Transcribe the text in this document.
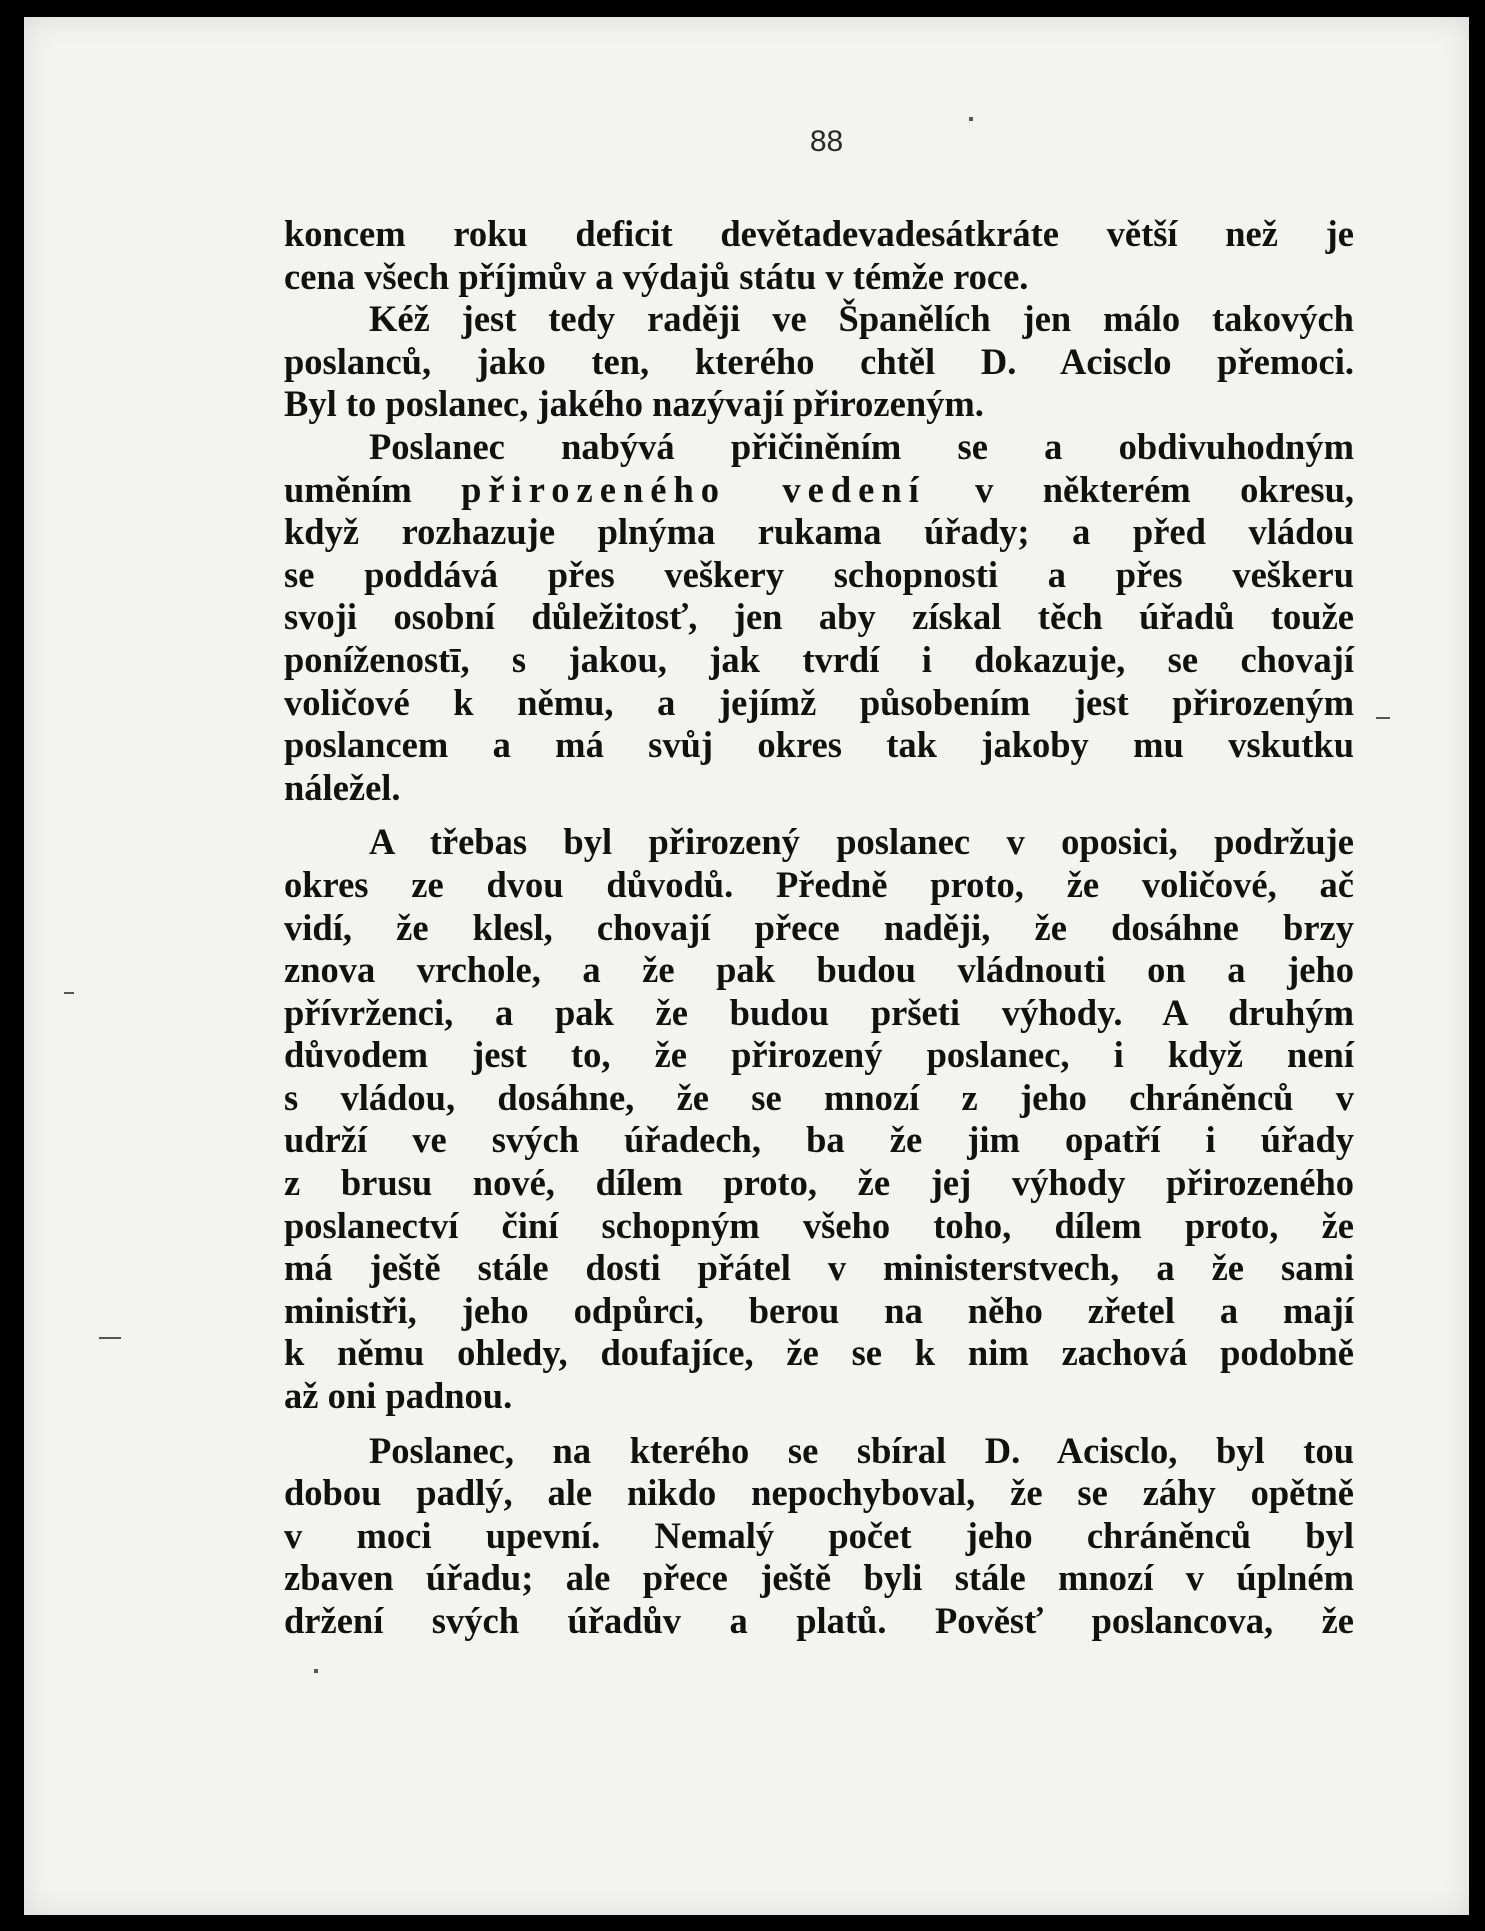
88
koncem roku deficit devětadevadesátkráte větší než je
cena všech příjmův a výdajů státu v témže roce.
Kéž jest tedy raději ve Španělích jen málo takových
poslanců, jako ten, kterého chtěl D. Acisclo přemoci.
Byl to poslanec, jakého nazývají přirozeným.
Poslanec nabývá přičiněním se a obdivuhodným
uměním přirozeného vedení v některém okresu,
když rozhazuje plnýma rukama úřady; a před vládou
se poddává přes veškery schopnosti a přes veškeru
svoji osobní důležitosť, jen aby získal těch úřadů touže
poníženostī, s jakou, jak tvrdí i dokazuje, se chovají
voličové k němu, a jejímž působením jest přirozeným
poslancem a má svůj okres tak jakoby mu vskutku
náležel.
A třebas byl přirozený poslanec v oposici, podržuje
okres ze dvou důvodů. Předně proto, že voličové, ač
vidí, že klesl, chovají přece naději, že dosáhne brzy
znova vrchole, a že pak budou vládnouti on a jeho
přívrženci, a pak že budou pršeti výhody. A druhým
důvodem jest to, že přirozený poslanec, i když není
s vládou, dosáhne, že se mnozí z jeho chráněnců v
udrží ve svých úřadech, ba že jim opatří i úřady
z brusu nové, dílem proto, že jej výhody přirozeného
poslanectví činí schopným všeho toho, dílem proto, že
má ještě stále dosti přátel v ministerstvech, a že sami
ministři, jeho odpůrci, berou na něho zřetel a mají
k němu ohledy, doufajíce, že se k nim zachová podobně
až oni padnou.
Poslanec, na kterého se sbíral D. Acisclo, byl tou
dobou padlý, ale nikdo nepochyboval, že se záhy opětně
v moci upevní. Nemalý počet jeho chráněnců byl
zbaven úřadu; ale přece ještě byli stále mnozí v úplném
držení svých úřadův a platů. Pověsť poslancova, že
